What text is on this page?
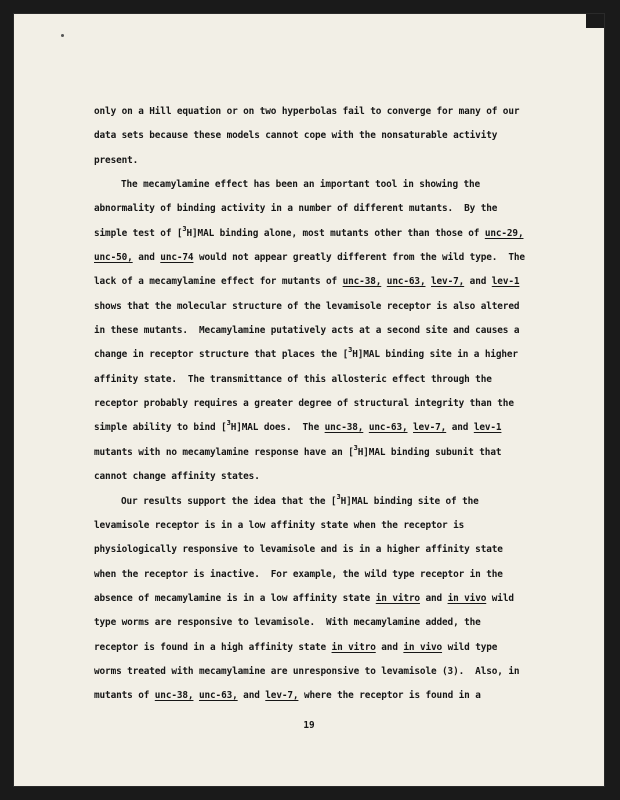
only on a Hill equation or on two hyperbolas fail to converge for many of our
data sets because these models cannot cope with the nonsaturable activity
present.
The mecamylamine effect has been an important tool in showing the
abnormality of binding activity in a number of different mutants.  By the
simple test of [$^3$H]MAL binding alone, most mutants other than those of unc-29,
unc-50, and unc-74 would not appear greatly different from the wild type.  The
lack of a mecamylamine effect for mutants of unc-38, unc-63, lev-7, and lev-1
shows that the molecular structure of the levamisole receptor is also altered
in these mutants.  Mecamylamine putatively acts at a second site and causes a
change in receptor structure that places the [$^3$H]MAL binding site in a higher
affinity state.  The transmittance of this allosteric effect through the
receptor probably requires a greater degree of structural integrity than the
simple ability to bind [$^3$H]MAL does.  The unc-38, unc-63, lev-7, and lev-1
mutants with no mecamylamine response have an [$^3$H]MAL binding subunit that
cannot change affinity states.
Our results support the idea that the [$^3$H]MAL binding site of the
levamisole receptor is in a low affinity state when the receptor is
physiologically responsive to levamisole and is in a higher affinity state
when the receptor is inactive.  For example, the wild type receptor in the
absence of mecamylamine is in a low affinity state in vitro and in vivo wild
type worms are responsive to levamisole.  With mecamylamine added, the
receptor is found in a high affinity state in vitro and in vivo wild type
worms treated with mecamylamine are unresponsive to levamisole (3).  Also, in
mutants of unc-38, unc-63, and lev-7, where the receptor is found in a
19
